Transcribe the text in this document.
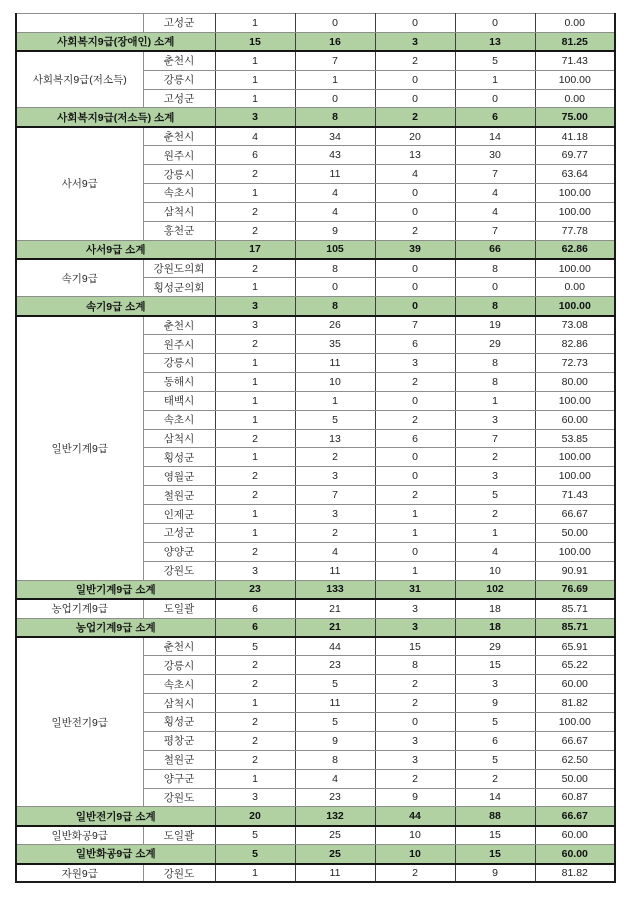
	고성군	1	0	0	0	0.00
사회복지9급(장애인) 소계		15	16	3	13	81.25
사회복지9급(저소득)	춘천시	1	7	2	5	71.43
	강릉시	1	1	0	1	100.00
	고성군	1	0	0	0	0.00
사회복지9급(저소득) 소계		3	8	2	6	75.00
사서9급	춘천시	4	34	20	14	41.18
	원주시	6	43	13	30	69.77
	강릉시	2	11	4	7	63.64
	속초시	1	4	0	4	100.00
	삼척시	2	4	0	4	100.00
	홍천군	2	9	2	7	77.78
사서9급 소계		17	105	39	66	62.86
속기9급	강원도의회	2	8	0	8	100.00
	횡성군의회	1	0	0	0	0.00
속기9급 소계		3	8	0	8	100.00
일반기계9급	춘천시	3	26	7	19	73.08
	원주시	2	35	6	29	82.86
	강릉시	1	11	3	8	72.73
	동해시	1	10	2	8	80.00
	태백시	1	1	0	1	100.00
	속초시	1	5	2	3	60.00
	삼척시	2	13	6	7	53.85
	횡성군	1	2	0	2	100.00
	영월군	2	3	0	3	100.00
	철원군	2	7	2	5	71.43
	인제군	1	3	1	2	66.67
	고성군	1	2	1	1	50.00
	양양군	2	4	0	4	100.00
	강원도	3	11	1	10	90.91
일반기계9급 소계		23	133	31	102	76.69
농업기계9급	도일괄	6	21	3	18	85.71
농업기계9급 소계		6	21	3	18	85.71
일반전기9급	춘천시	5	44	15	29	65.91
	강릉시	2	23	8	15	65.22
	속초시	2	5	2	3	60.00
	삼척시	1	11	2	9	81.82
	횡성군	2	5	0	5	100.00
	평창군	2	9	3	6	66.67
	철원군	2	8	3	5	62.50
	양구군	1	4	2	2	50.00
	강원도	3	23	9	14	60.87
일반전기9급 소계		20	132	44	88	66.67
일반화공9급	도일괄	5	25	10	15	60.00
일반화공9급 소계		5	25	10	15	60.00
자원9급	강원도	1	11	2	9	81.82
